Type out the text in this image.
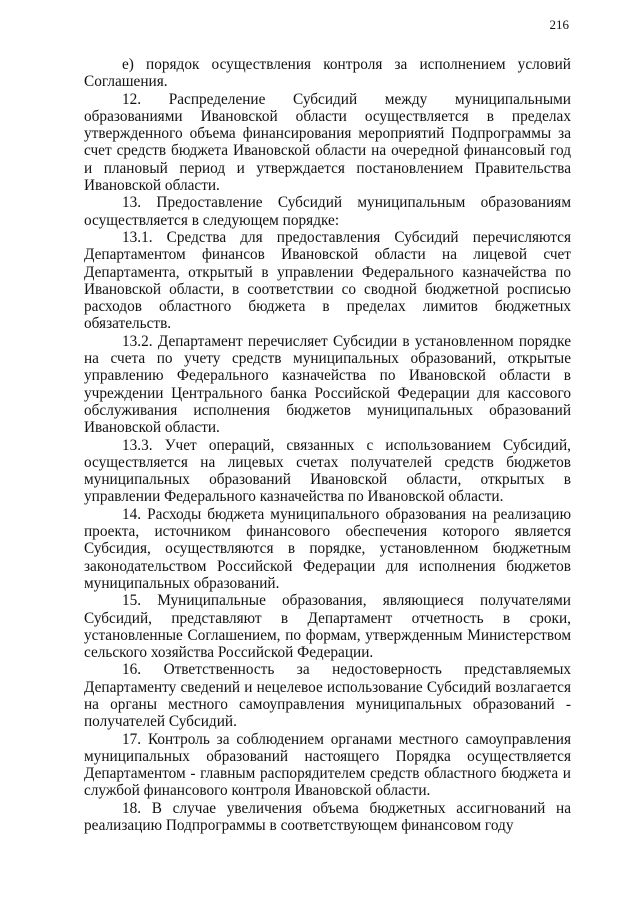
216

е) порядок осуществления контроля за исполнением условий Соглашения.

12. Распределение Субсидий между муниципальными образованиями Ивановской области осуществляется в пределах утвержденного объема финансирования мероприятий Подпрограммы за счет средств бюджета Ивановской области на очередной финансовый год и плановый период и утверждается постановлением Правительства Ивановской области.

13. Предоставление Субсидий муниципальным образованиям осуществляется в следующем порядке:

13.1. Средства для предоставления Субсидий перечисляются Департаментом финансов Ивановской области на лицевой счет Департамента, открытый в управлении Федерального казначейства по Ивановской области, в соответствии со сводной бюджетной росписью расходов областного бюджета в пределах лимитов бюджетных обязательств.

13.2. Департамент перечисляет Субсидии в установленном порядке на счета по учету средств муниципальных образований, открытые управлению Федерального казначейства по Ивановской области в учреждении Центрального банка Российской Федерации для кассового обслуживания исполнения бюджетов муниципальных образований Ивановской области.

13.3. Учет операций, связанных с использованием Субсидий, осуществляется на лицевых счетах получателей средств бюджетов муниципальных образований Ивановской области, открытых в управлении Федерального казначейства по Ивановской области.

14. Расходы бюджета муниципального образования на реализацию проекта, источником финансового обеспечения которого является Субсидия, осуществляются в порядке, установленном бюджетным законодательством Российской Федерации для исполнения бюджетов муниципальных образований.

15. Муниципальные образования, являющиеся получателями Субсидий, представляют в Департамент отчетность в сроки, установленные Соглашением, по формам, утвержденным Министерством сельского хозяйства Российской Федерации.

16. Ответственность за недостоверность представляемых Департаменту сведений и нецелевое использование Субсидий возлагается на органы местного самоуправления муниципальных образований - получателей Субсидий.

17. Контроль за соблюдением органами местного самоуправления муниципальных образований настоящего Порядка осуществляется Департаментом - главным распорядителем средств областного бюджета и службой финансового контроля Ивановской области.

18. В случае увеличения объема бюджетных ассигнований на реализацию Подпрограммы в соответствующем финансовом году
